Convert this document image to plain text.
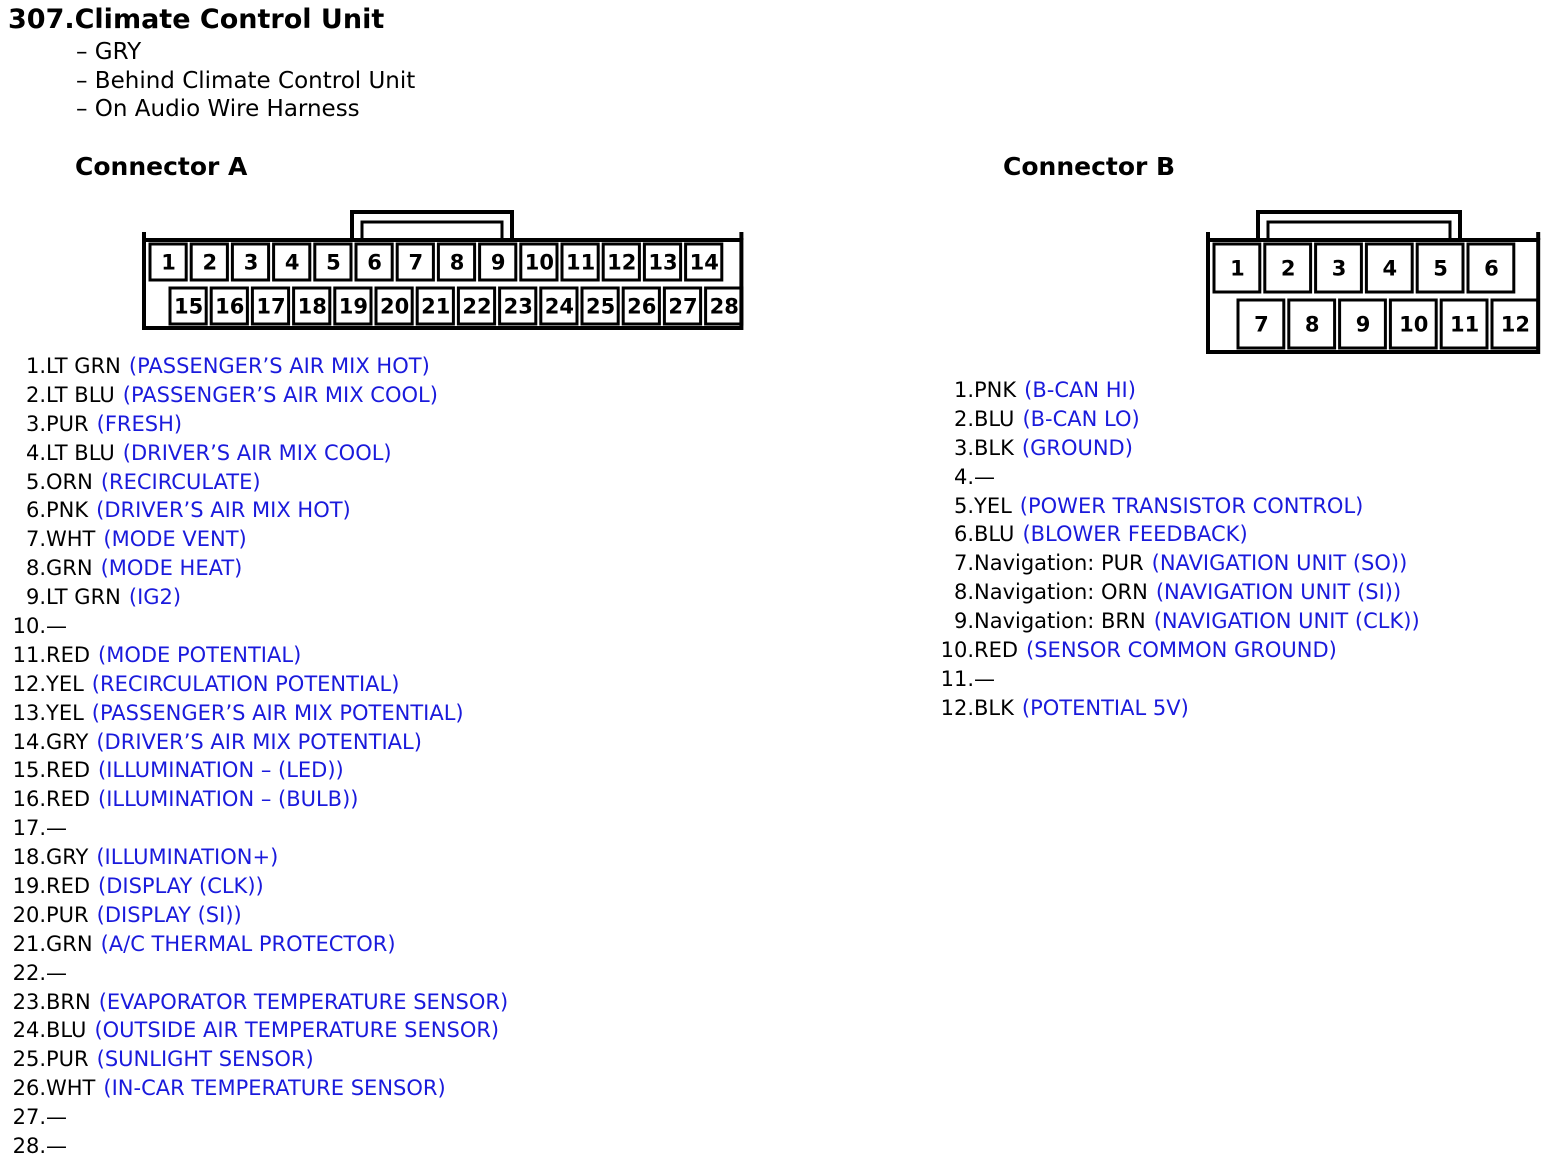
307.Climate Control Unit
– GRY
– Behind Climate Control Unit
– On Audio Wire Harness
Connector A	Connector B
1 2 3 4 5 6 7 8 9 10 11 12 13 14
15 16 17 18 19 20 21 22 23 24 25 26 27 28
1 2 3 4 5 6
7 8 9 10 11 12
1.LT GRN (PASSENGER’S AIR MIX HOT)
2.LT BLU (PASSENGER’S AIR MIX COOL)
3.PUR (FRESH)
4.LT BLU (DRIVER’S AIR MIX COOL)
5.ORN (RECIRCULATE)
6.PNK (DRIVER’S AIR MIX HOT)
7.WHT (MODE VENT)
8.GRN (MODE HEAT)
9.LT GRN (IG2)
10.—
11.RED (MODE POTENTIAL)
12.YEL (RECIRCULATION POTENTIAL)
13.YEL (PASSENGER’S AIR MIX POTENTIAL)
14.GRY (DRIVER’S AIR MIX POTENTIAL)
15.RED (ILLUMINATION – (LED))
16.RED (ILLUMINATION – (BULB))
17.—
18.GRY (ILLUMINATION+)
19.RED (DISPLAY (CLK))
20.PUR (DISPLAY (SI))
21.GRN (A/C THERMAL PROTECTOR)
22.—
23.BRN (EVAPORATOR TEMPERATURE SENSOR)
24.BLU (OUTSIDE AIR TEMPERATURE SENSOR)
25.PUR (SUNLIGHT SENSOR)
26.WHT (IN-CAR TEMPERATURE SENSOR)
27.—
28.—
1.PNK (B-CAN HI)
2.BLU (B-CAN LO)
3.BLK (GROUND)
4.—
5.YEL (POWER TRANSISTOR CONTROL)
6.BLU (BLOWER FEEDBACK)
7.Navigation: PUR (NAVIGATION UNIT (SO))
8.Navigation: ORN (NAVIGATION UNIT (SI))
9.Navigation: BRN (NAVIGATION UNIT (CLK))
10.RED (SENSOR COMMON GROUND)
11.—
12.BLK (POTENTIAL 5V)
